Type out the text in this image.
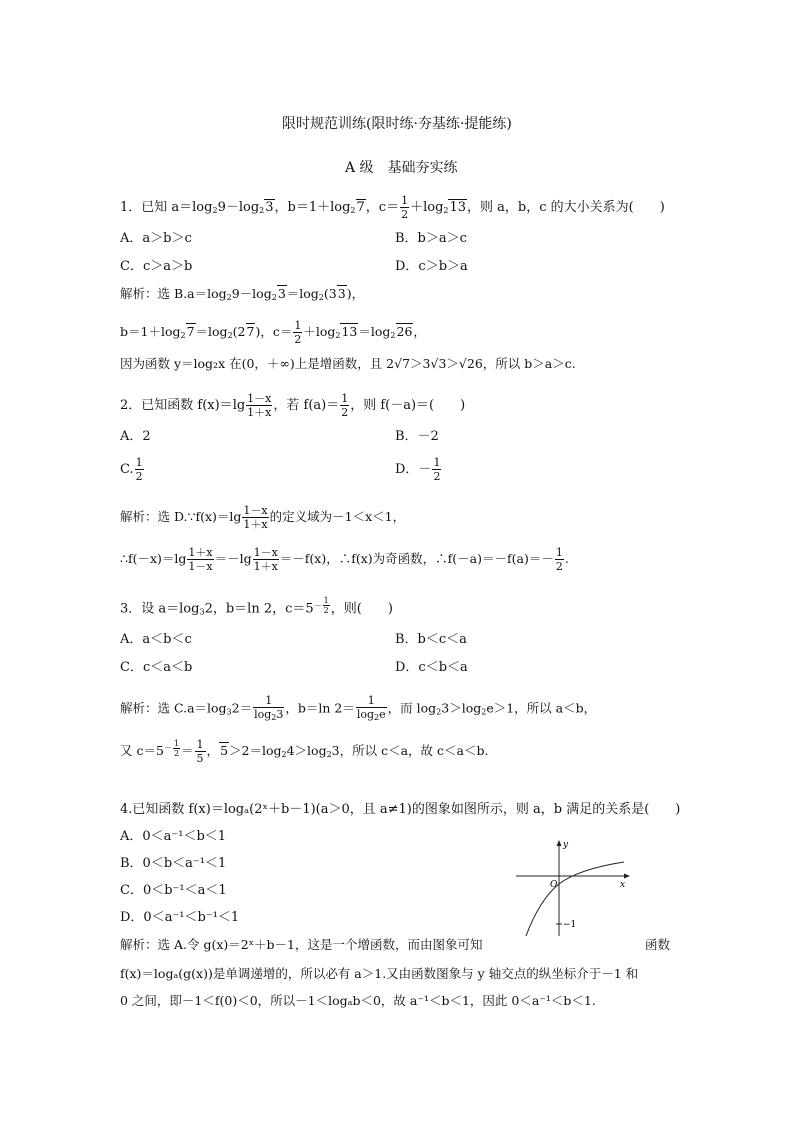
限时规范训练(限时练·夯基练·提能练)
A 级　基础夯实练
1．已知 $a=\log_29-\log_23$，$b=1+\log_27$，$c= \frac{1}{2} +\log_213$，则 a，b，c 的大小关系为(　　)
A．a＞b＞c	B．b＞a＞c
C．c＞a＞b	D．c＞b＞a
解析：选 $B.a=\log_29-\log_23=\log_2(33)$，
$b=1+\log_27=\log_2(27)$，$c= \frac{1}{2} +\log_213=\log_226$，
因为函数 y＝log₂x 在(0，＋∞)上是增函数，且 2√7＞3√3＞√26，所以 b＞a＞c.
2．已知函数 $f(x)=\lg \frac{1-x}{1+x}$ ，若 $f(a)= \frac{1}{2}$ ，则 f(－a)＝(　　)
A．2	B．－2
C. $\frac{1}{2}$	D．－ $\frac{1}{2}$
解析：选 D.∵f(x)＝lg $\frac{1-x}{1+x}$ 的定义域为－1＜x＜1，
∴f(－x)＝lg $\frac{1+x}{1-x} =-\lg \frac{1-x}{1+x} =-f(x)$，∴f(x)为奇函数，∴f(－a)＝－f(a)＝－ $\frac{1}{2}$ .
3．设 $a=\log_32$，b＝ln 2，$c=5^{- \frac{1}{2}}$ ，则(　　)
A．a＜b＜c	B．b＜c＜a
C．c＜a＜b	D．c＜b＜a
解析：选 $C.a=\log_32= \frac{1}{\log_23}$ ，b＝ln $2= \frac{1}{\log_2e}$ ，而 $\log_23>\log_2e>1$，所以 a＜b，
又 $c=5^{- \frac{1}{2}} = \frac{1}{5}$ ，$5>2=\log_24>\log_23$，所以 c＜a，故 c＜a＜b.
4.已知函数 f(x)＝logₐ(2ˣ＋b－1)(a＞0，且 a≠1)的图象如图所示，则 a，b 满足的关系是(　　)
A．0＜a⁻¹＜b＜1
B．0＜b＜a⁻¹＜1
C．0＜b⁻¹＜a＜1
D．0＜a⁻¹＜b⁻¹＜1
y
x
O
−1
解析：选 A.令 g(x)＝2ˣ＋b－1，这是一个增函数，而由图象可知	函数
f(x)＝logₐ(g(x))是单调递增的，所以必有 a＞1.又由函数图象与 y 轴交点的纵坐标介于－1 和
0 之间，即－1＜f(0)＜0，所以－1＜logₐb＜0，故 a⁻¹＜b＜1，因此 0＜a⁻¹＜b＜1.
